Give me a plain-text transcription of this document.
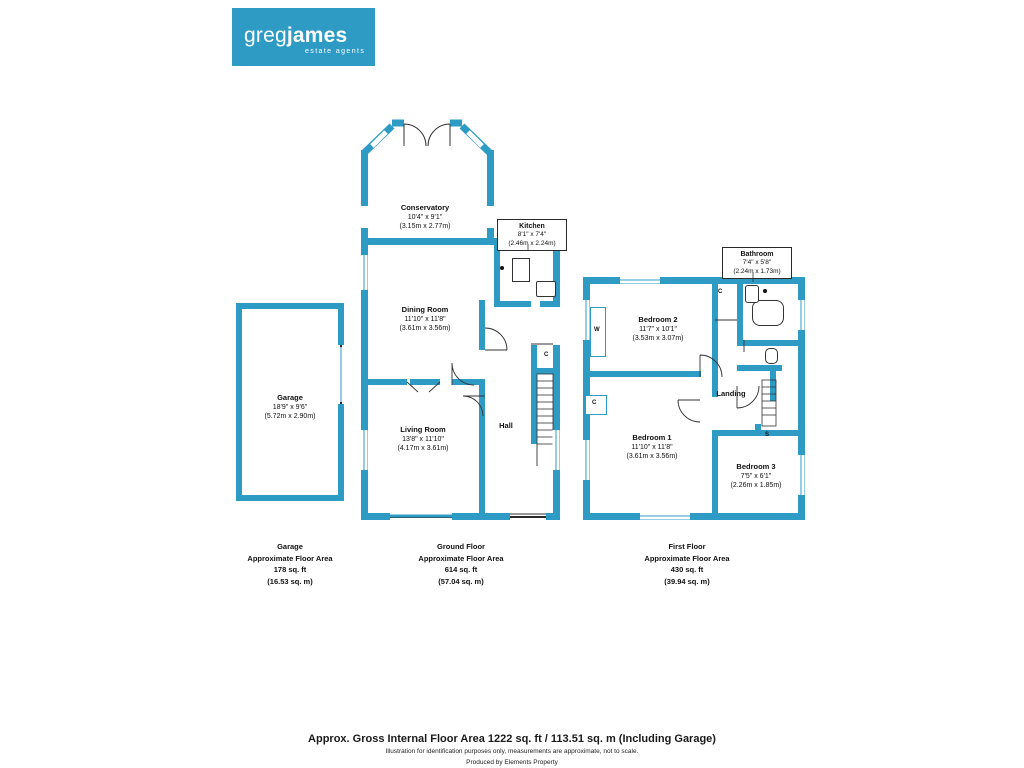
gregjames
estate agents
Garage
18'9" x 9'6"
(5.72m x 2.90m)
Conservatory
10'4" x 9'1"
(3.15m x 2.77m)
Dining Room
11'10" x 11'8"
(3.61m x 3.56m)
Living Room
13'8" x 11'10"
(4.17m x 3.61m)
Hall
C
W
C
C
S
Bedroom 2
11'7" x 10'1"
(3.53m x 3.07m)
Bedroom 1
11'10" x 11'8"
(3.61m x 3.56m)
Bedroom 3
7'5" x 6'1"
(2.26m x 1.85m)
Landing
Kitchen
8'1" x 7'4"
(2.46m x 2.24m)
Bathroom
7'4" x 5'8"
(2.24m x 1.73m)
Garage
Approximate Floor Area
178 sq. ft
(16.53 sq. m)
Ground Floor
Approximate Floor Area
614 sq. ft
(57.04 sq. m)
First Floor
Approximate Floor Area
430 sq. ft
(39.94 sq. m)
Approx. Gross Internal Floor Area 1222 sq. ft / 113.51 sq. m (Including Garage)
Illustration for identification purposes only, measurements are approximate, not to scale.
Produced by Elements Property
